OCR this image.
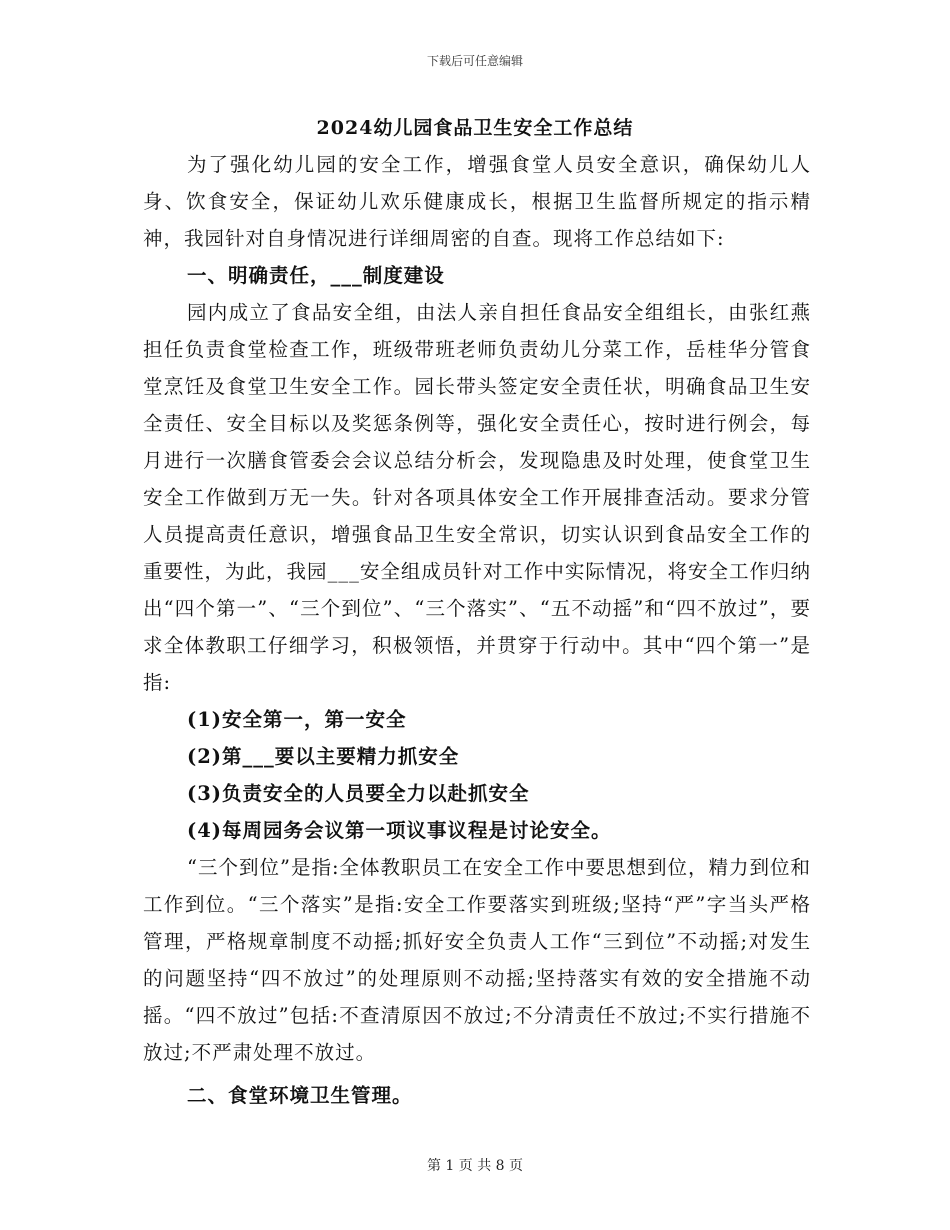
下载后可任意编辑
2024幼儿园食品卫生安全工作总结

为了强化幼儿园的安全工作，增强食堂人员安全意识，确保幼儿人身、饮食安全，保证幼儿欢乐健康成长，根据卫生监督所规定的指示精神，我园针对自身情况进行详细周密的自查。现将工作总结如下:

一、明确责任，___制度建设

园内成立了食品安全组，由法人亲自担任食品安全组组长，由张红燕担任负责食堂检查工作，班级带班老师负责幼儿分菜工作，岳桂华分管食堂烹饪及食堂卫生安全工作。园长带头签定安全责任状，明确食品卫生安全责任、安全目标以及奖惩条例等，强化安全责任心，按时进行例会，每月进行一次膳食管委会会议总结分析会，发现隐患及时处理，使食堂卫生安全工作做到万无一失。针对各项具体安全工作开展排查活动。要求分管人员提高责任意识，增强食品卫生安全常识，切实认识到食品安全工作的重要性，为此，我园___安全组成员针对工作中实际情况，将安全工作归纳出“四个第一”、“三个到位”、“三个落实”、“五不动摇”和“四不放过”，要求全体教职工仔细学习，积极领悟，并贯穿于行动中。其中“四个第一”是指:

(1)安全第一，第一安全

(2)第___要以主要精力抓安全

(3)负责安全的人员要全力以赴抓安全

(4)每周园务会议第一项议事议程是讨论安全。

“三个到位”是指:全体教职员工在安全工作中要思想到位，精力到位和工作到位。“三个落实”是指:安全工作要落实到班级;坚持“严”字当头严格管理，严格规章制度不动摇;抓好安全负责人工作“三到位”不动摇;对发生的问题坚持“四不放过”的处理原则不动摇;坚持落实有效的安全措施不动摇。“四不放过”包括:不查清原因不放过;不分清责任不放过;不实行措施不放过;不严肃处理不放过。

二、食堂环境卫生管理。

第 1 页 共 8 页
